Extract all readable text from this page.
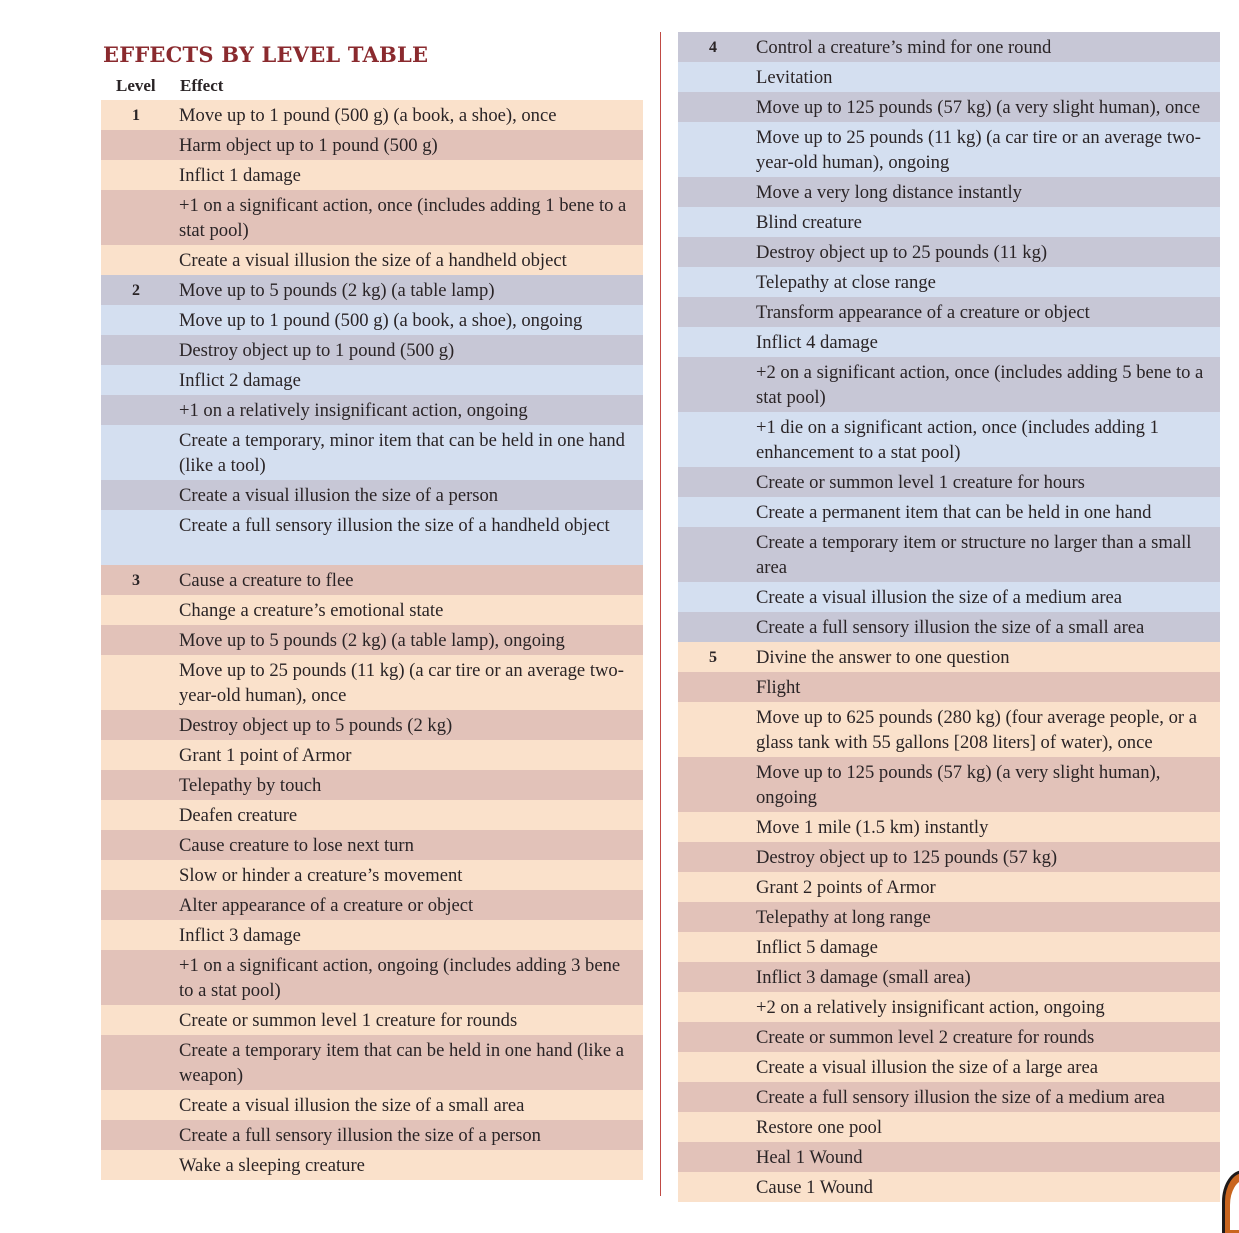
EFFECTS BY LEVEL TABLE
Level Effect
1	Move up to 1 pound (500 g) (a book, a shoe), once
Harm object up to 1 pound (500 g)
Inflict 1 damage
+1 on a significant action, once (includes adding 1 bene to a stat pool)
Create a visual illusion the size of a handheld object
2	Move up to 5 pounds (2 kg) (a table lamp)
Move up to 1 pound (500 g) (a book, a shoe), ongoing
Destroy object up to 1 pound (500 g)
Inflict 2 damage
+1 on a relatively insignificant action, ongoing
Create a temporary, minor item that can be held in one hand (like a tool)
Create a visual illusion the size of a person
Create a full sensory illusion the size of a handheld object
3	Cause a creature to flee
Change a creature’s emotional state
Move up to 5 pounds (2 kg) (a table lamp), ongoing
Move up to 25 pounds (11 kg) (a car tire or an average two-year-old human), once
Destroy object up to 5 pounds (2 kg)
Grant 1 point of Armor
Telepathy by touch
Deafen creature
Cause creature to lose next turn
Slow or hinder a creature’s movement
Alter appearance of a creature or object
Inflict 3 damage
+1 on a significant action, ongoing (includes adding 3 bene to a stat pool)
Create or summon level 1 creature for rounds
Create a temporary item that can be held in one hand (like a weapon)
Create a visual illusion the size of a small area
Create a full sensory illusion the size of a person
Wake a sleeping creature
4	Control a creature’s mind for one round
Levitation
Move up to 125 pounds (57 kg) (a very slight human), once
Move up to 25 pounds (11 kg) (a car tire or an average two-year-old human), ongoing
Move a very long distance instantly
Blind creature
Destroy object up to 25 pounds (11 kg)
Telepathy at close range
Transform appearance of a creature or object
Inflict 4 damage
+2 on a significant action, once (includes adding 5 bene to a stat pool)
+1 die on a significant action, once (includes adding 1 enhancement to a stat pool)
Create or summon level 1 creature for hours
Create a permanent item that can be held in one hand
Create a temporary item or structure no larger than a small area
Create a visual illusion the size of a medium area
Create a full sensory illusion the size of a small area
5	Divine the answer to one question
Flight
Move up to 625 pounds (280 kg) (four average people, or a glass tank with 55 gallons [208 liters] of water), once
Move up to 125 pounds (57 kg) (a very slight human), ongoing
Move 1 mile (1.5 km) instantly
Destroy object up to 125 pounds (57 kg)
Grant 2 points of Armor
Telepathy at long range
Inflict 5 damage
Inflict 3 damage (small area)
+2 on a relatively insignificant action, ongoing
Create or summon level 2 creature for rounds
Create a visual illusion the size of a large area
Create a full sensory illusion the size of a medium area
Restore one pool
Heal 1 Wound
Cause 1 Wound
